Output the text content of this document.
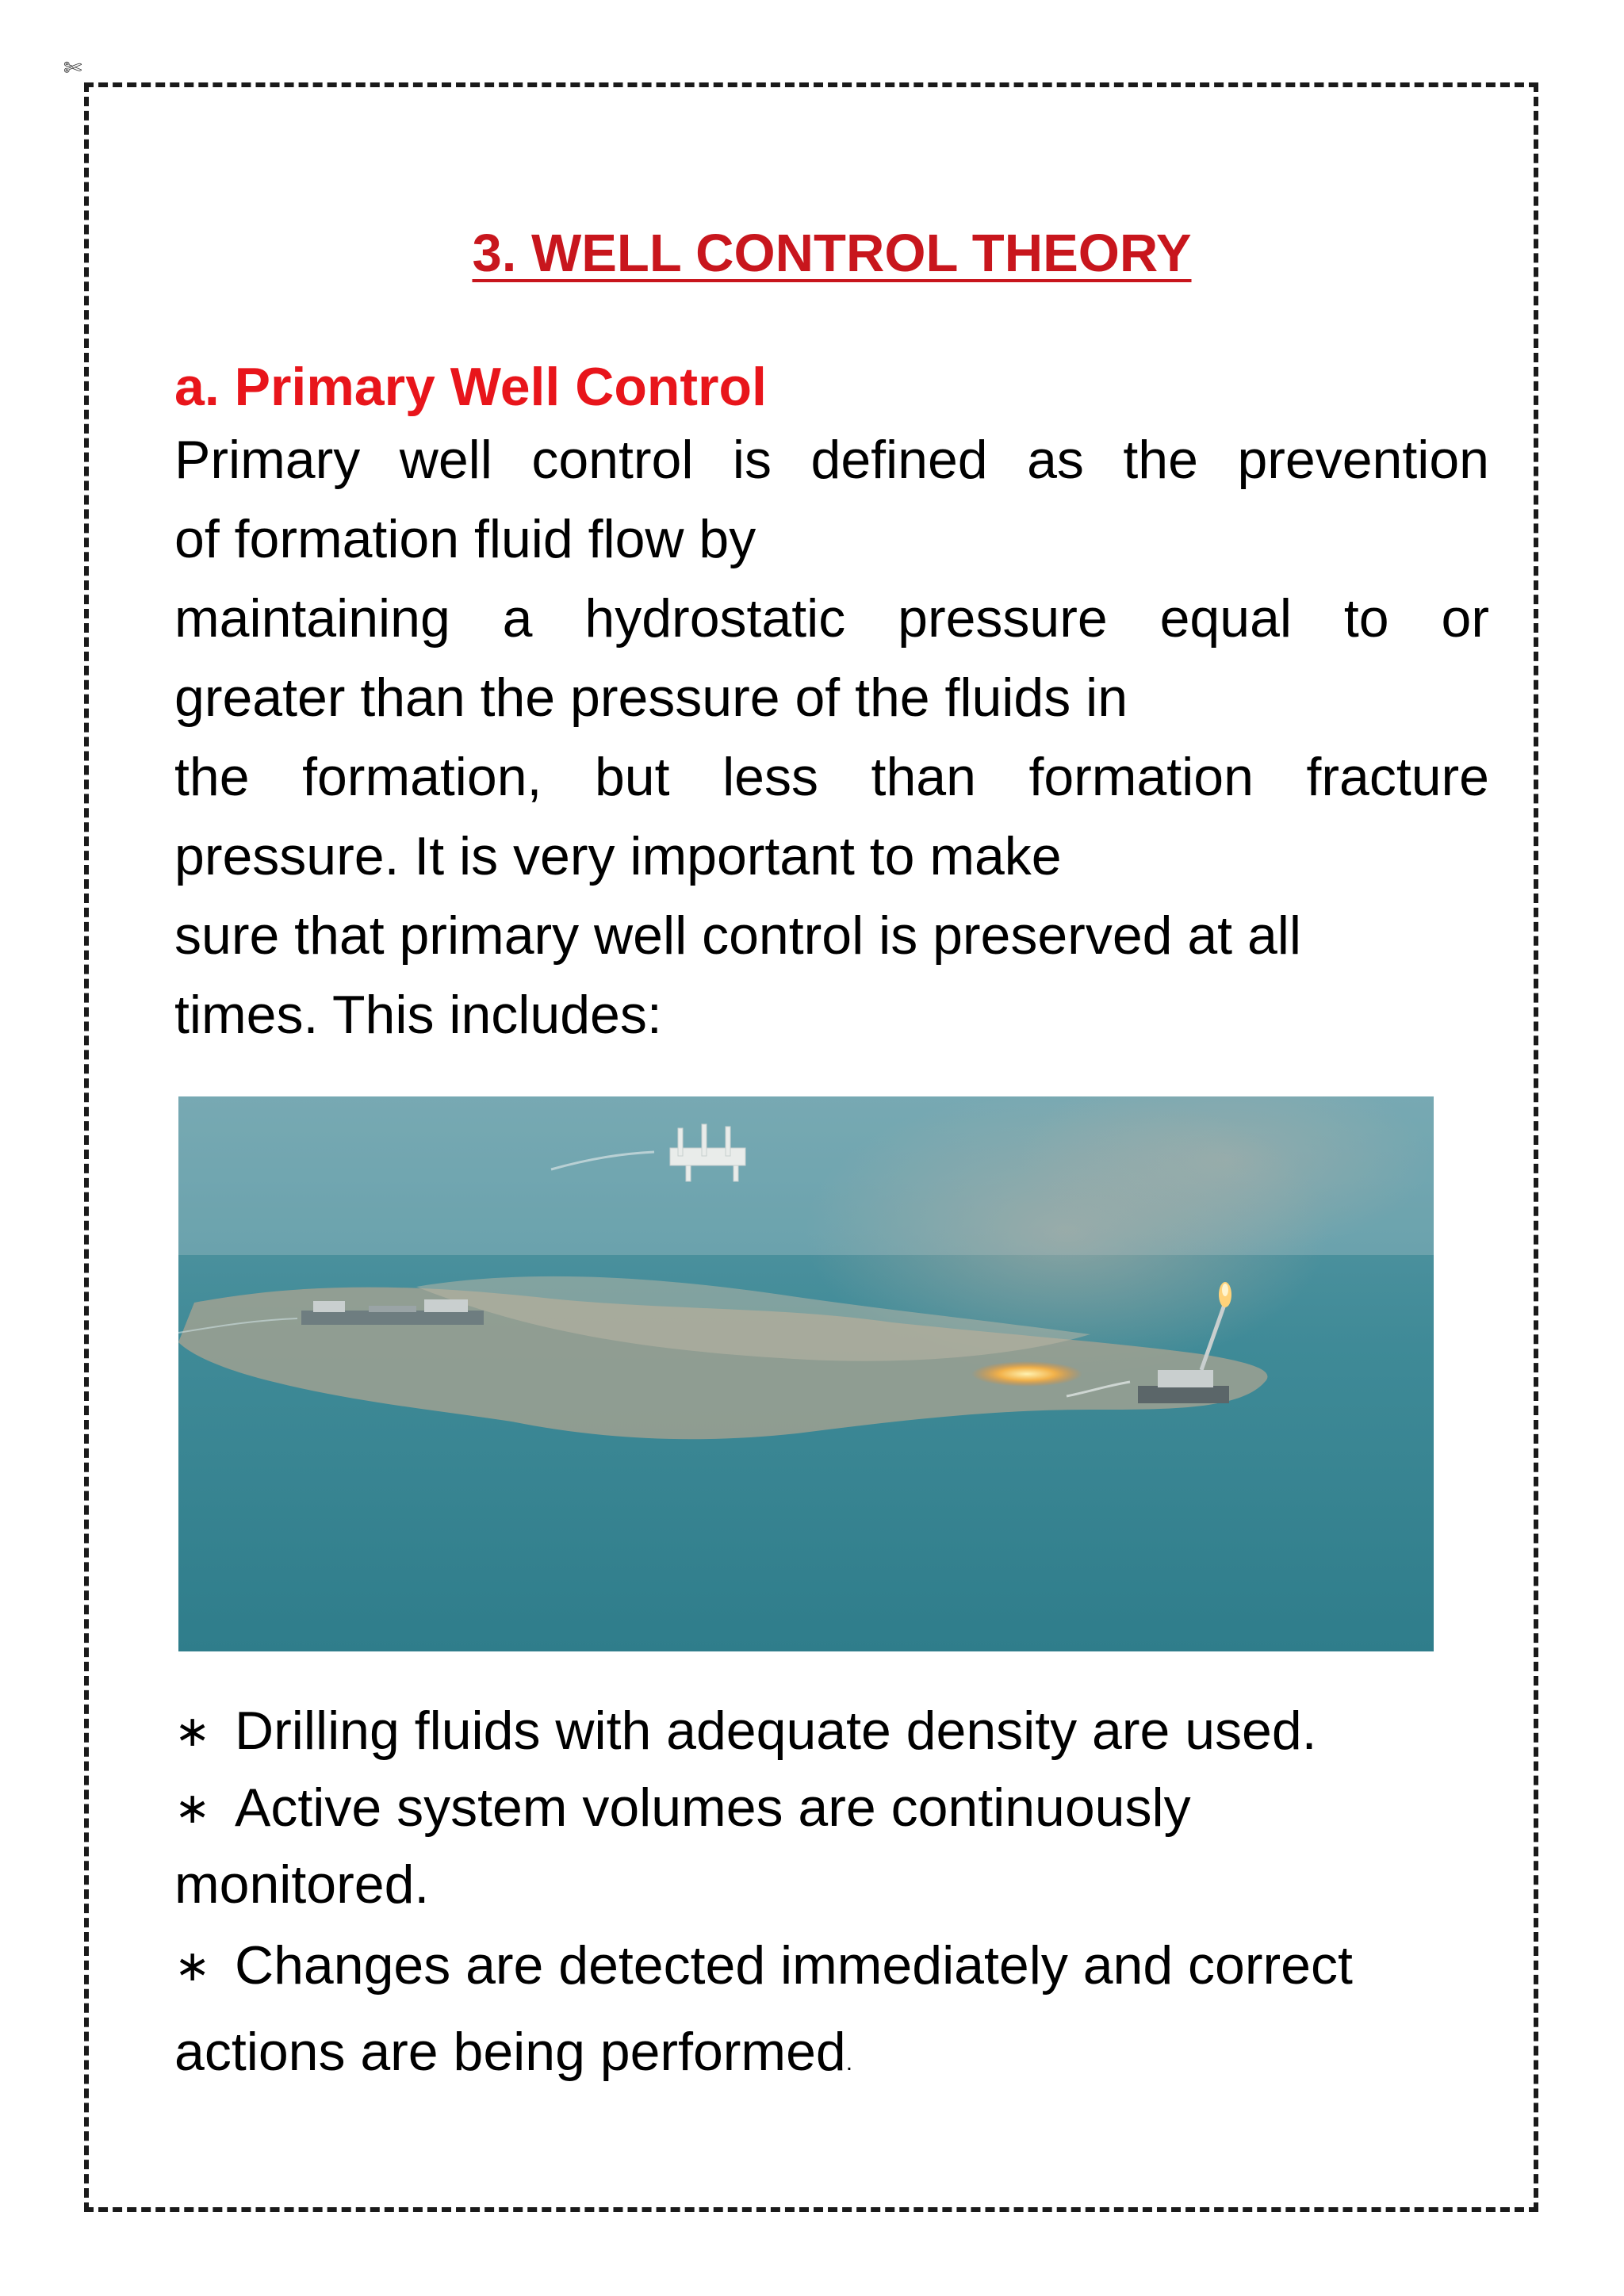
✄
3. WELL CONTROL THEORY
a. Primary Well Control

Primary well control is defined as the prevention
of formation fluid flow by
maintaining a hydrostatic pressure equal to or
greater than the pressure of the fluids in
the formation, but less than formation fracture
pressure. It is very important to make
sure that primary well control is preserved at all
times. This includes:

∗ Drilling fluids with adequate density are used.

∗ Active system volumes are continuously
monitored.

∗ Changes are detected immediately and correct
actions are being performed.
